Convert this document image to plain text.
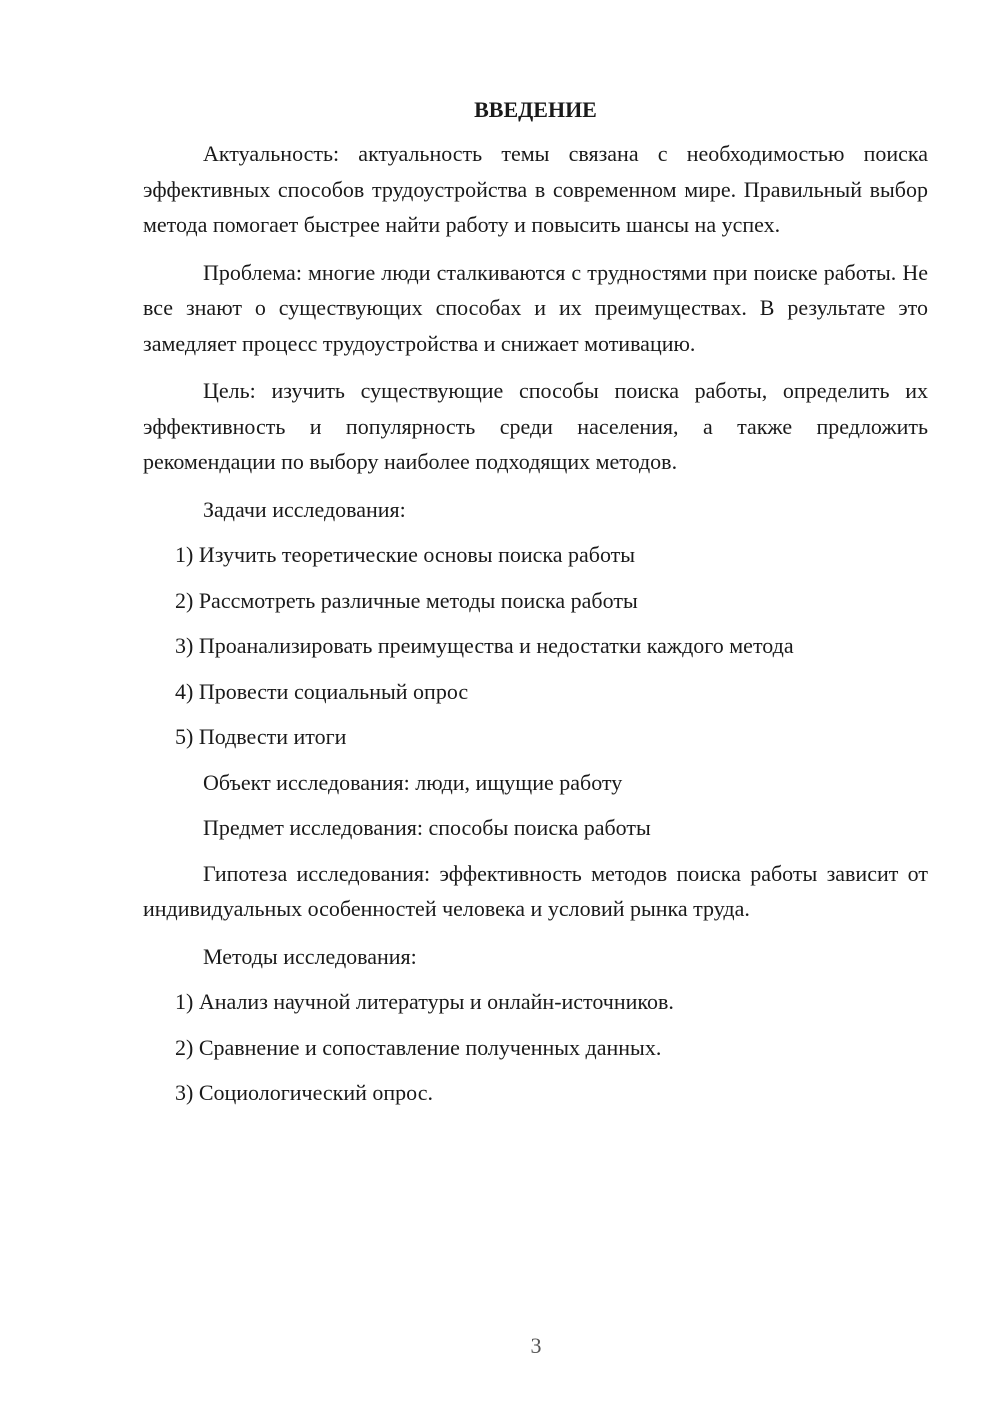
ВВЕДЕНИЕ

Актуальность: актуальность темы связана с необходимостью поиска эффективных способов трудоустройства в современном мире. Правильный выбор метода помогает быстрее найти работу и повысить шансы на успех.

Проблема: многие люди сталкиваются с трудностями при поиске работы. Не все знают о существующих способах и их преимуществах. В результате это замедляет процесс трудоустройства и снижает мотивацию.

Цель: изучить существующие способы поиска работы, определить их эффективность и популярность среди населения, а также предложить рекомендации по выбору наиболее подходящих методов.

Задачи исследования:

1) Изучить теоретические основы поиска работы
2) Рассмотреть различные методы поиска работы
3) Проанализировать преимущества и недостатки каждого метода
4) Провести социальный опрос
5) Подвести итоги

Объект исследования: люди, ищущие работу

Предмет исследования: способы поиска работы

Гипотеза исследования: эффективность методов поиска работы зависит от индивидуальных особенностей человека и условий рынка труда.

Методы исследования:

1) Анализ научной литературы и онлайн-источников.
2) Сравнение и сопоставление полученных данных.
3) Социологический опрос.
3
